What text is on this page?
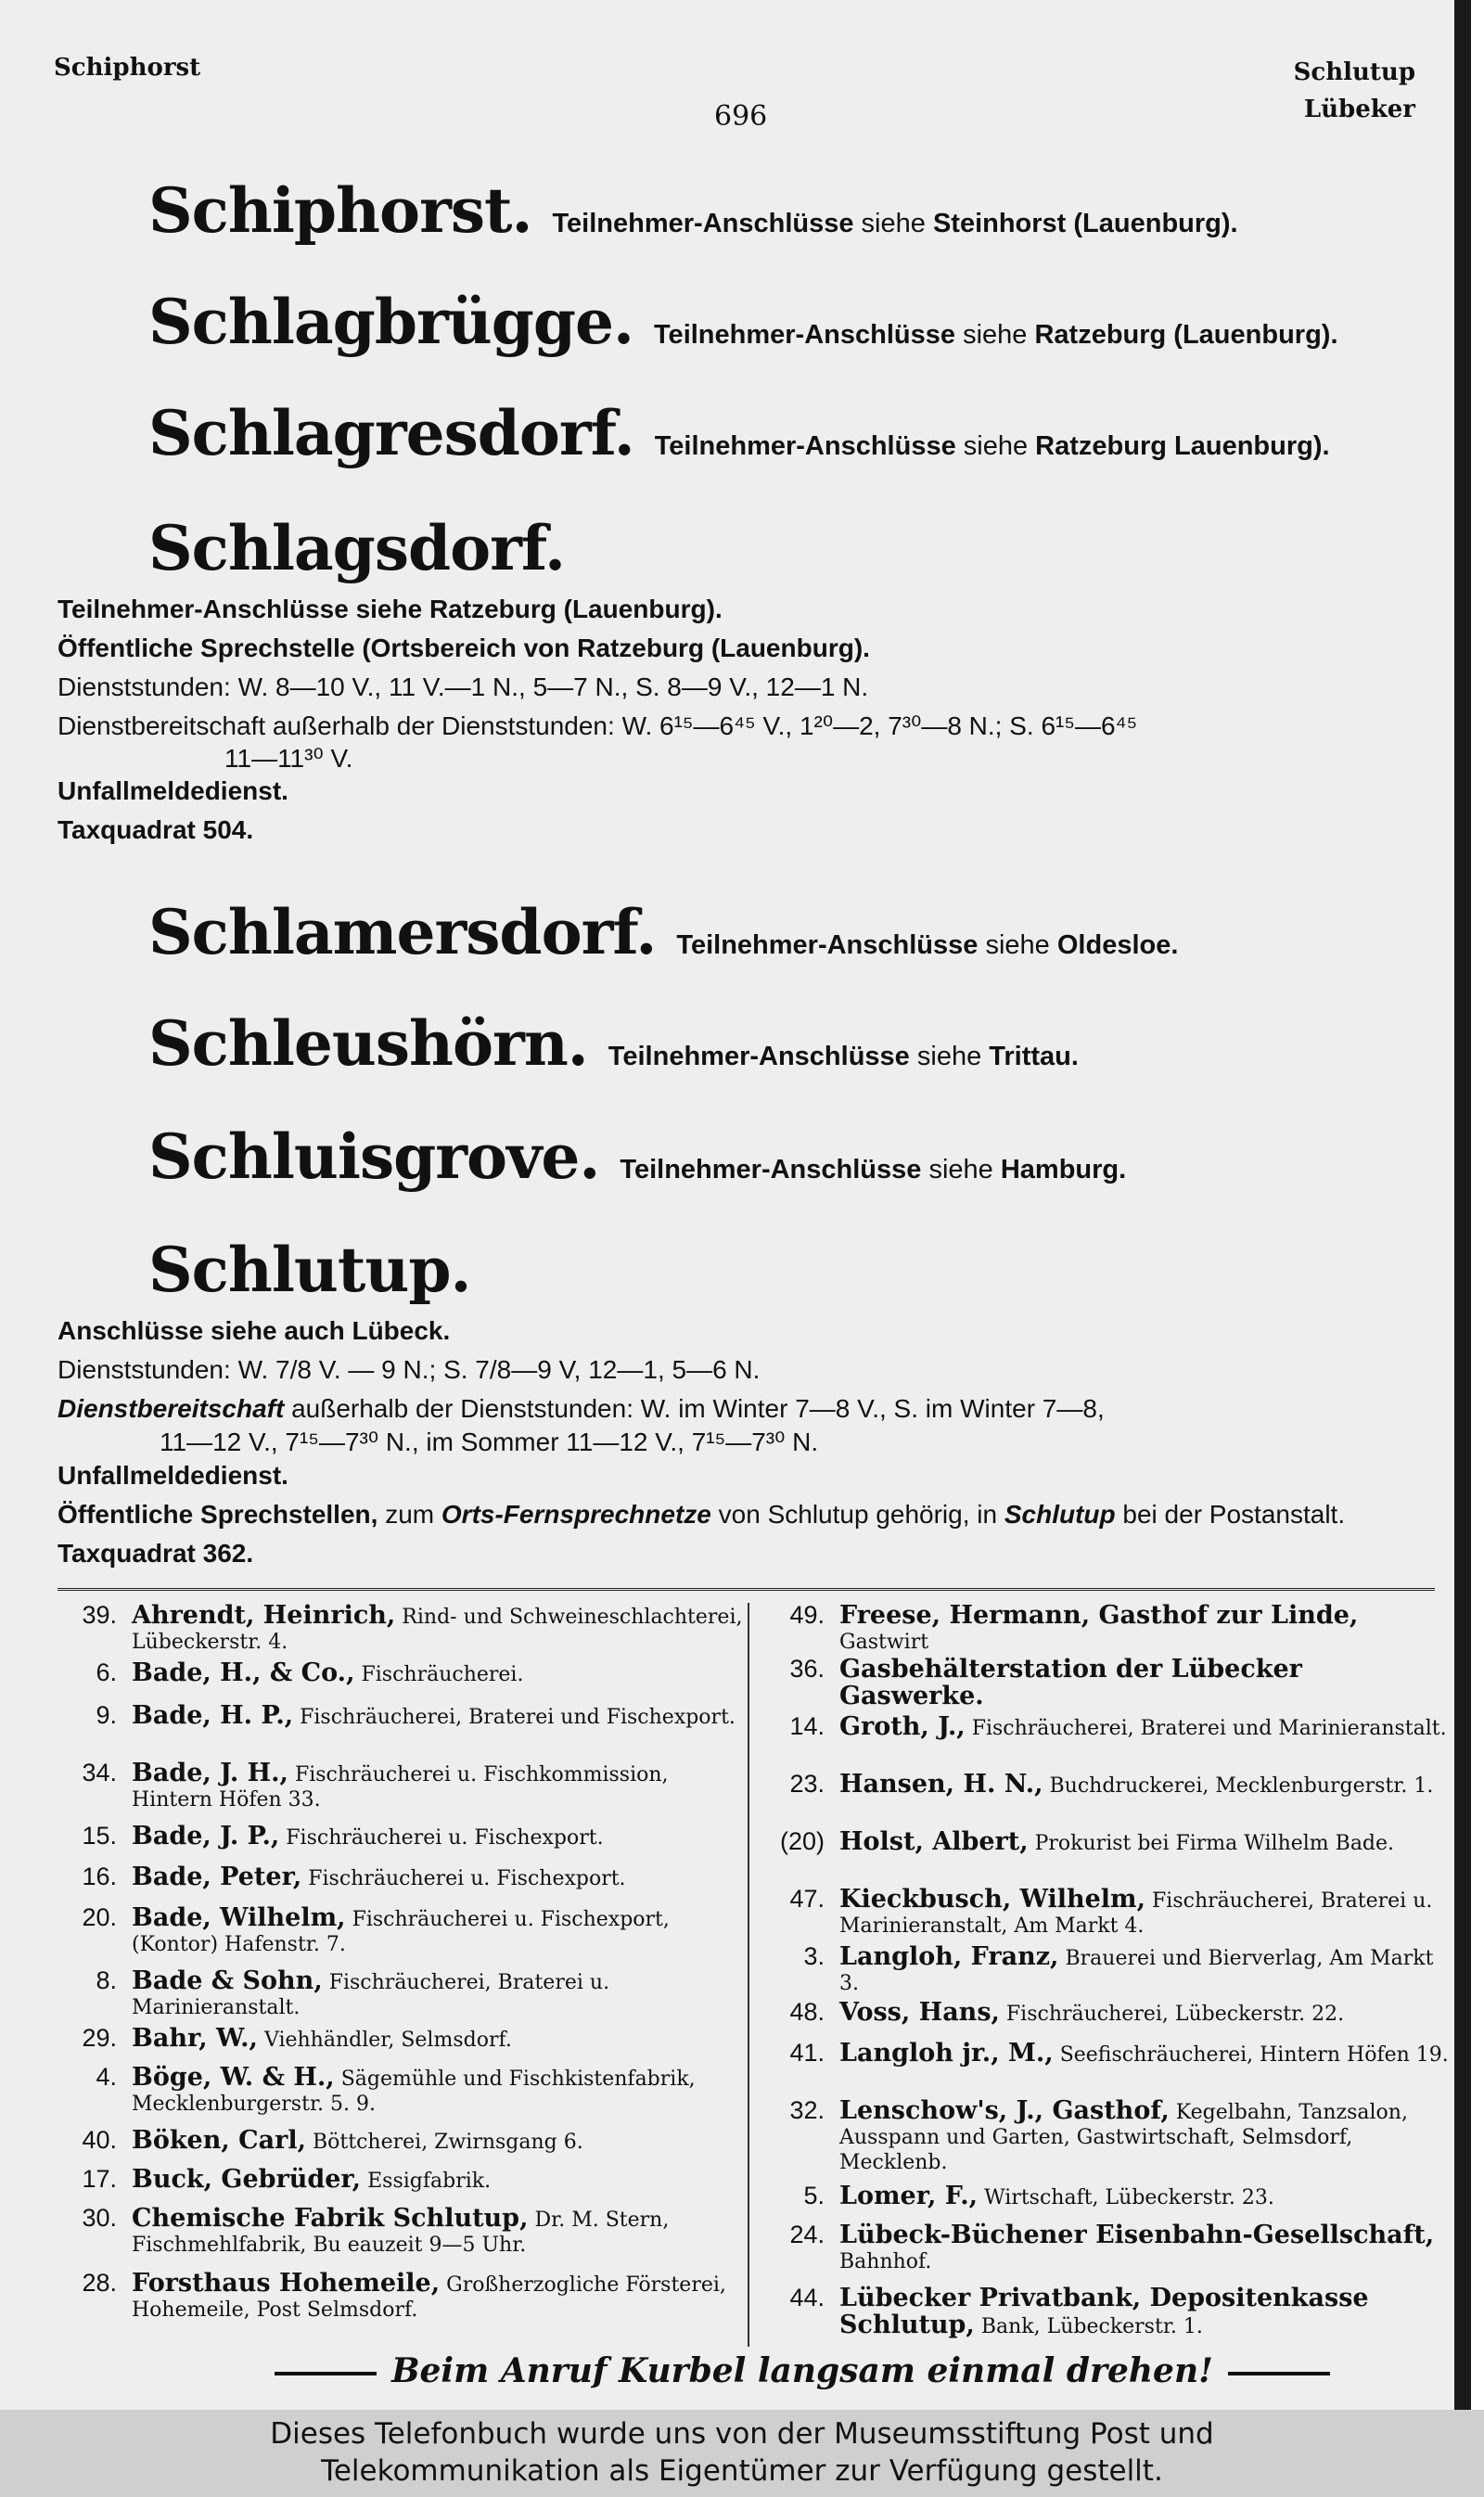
Schiphorst	Schlutup
Lübeker
696
Schiphorst. Teilnehmer-Anschlüsse siehe Steinhorst (Lauenburg).
Schlagbrügge. Teilnehmer-Anschlüsse siehe Ratzeburg (Lauenburg).
Schlagresdorf. Teilnehmer-Anschlüsse siehe Ratzeburg Lauenburg).
Schlagsdorf.

Teilnehmer-Anschlüsse siehe Ratzeburg (Lauenburg).

Öffentliche Sprechstelle (Ortsbereich von Ratzeburg (Lauenburg).

Dienststunden: W. 8—10 V., 11 V.—1 N., 5—7 N., S. 8—9 V., 12—1 N.

Dienstbereitschaft außerhalb der Dienststunden: W. 6¹⁵—6⁴⁵ V., 1²⁰—2, 7³⁰—8 N.; S. 6¹⁵—6⁴⁵

11—11³⁰ V.

Unfallmeldedienst.

Taxquadrat 504.

Schlamersdorf. Teilnehmer-Anschlüsse siehe Oldesloe.
Schleushörn. Teilnehmer-Anschlüsse siehe Trittau.
Schluisgrove. Teilnehmer-Anschlüsse siehe Hamburg.
Schlutup.

Anschlüsse siehe auch Lübeck.

Dienststunden: W. 7/8 V. — 9 N.; S. 7/8—9 V, 12—1, 5—6 N.

Dienstbereitschaft außerhalb der Dienststunden: W. im Winter 7—8 V., S. im Winter 7—8,

11—12 V., 7¹⁵—7³⁰ N., im Sommer 11—12 V., 7¹⁵—7³⁰ N.

Unfallmeldedienst.

Öffentliche Sprechstellen, zum Orts-Fernsprechnetze von Schlutup gehörig, in Schlutup bei der Postanstalt.

Taxquadrat 362.

39. Ahrendt, Heinrich, Rind- und Schweineschlachterei, Lübeckerstr. 4.
6. Bade, H., & Co., Fischräucherei.
9. Bade, H. P., Fischräucherei, Braterei und Fischexport.
34. Bade, J. H., Fischräucherei u. Fischkommission, Hintern Höfen 33.
15. Bade, J. P., Fischräucherei u. Fischexport.
16. Bade, Peter, Fischräucherei u. Fischexport.
20. Bade, Wilhelm, Fischräucherei u. Fischexport, (Kontor) Hafenstr. 7.
8. Bade & Sohn, Fischräucherei, Braterei u. Marinieranstalt.
29. Bahr, W., Viehhändler, Selmsdorf.
4. Böge, W. & H., Sägemühle und Fischkistenfabrik, Mecklenburgerstr. 5. 9.
40. Böken, Carl, Böttcherei, Zwirnsgang 6.
17. Buck, Gebrüder, Essigfabrik.
30. Chemische Fabrik Schlutup, Dr. M. Stern, Fischmehlfabrik, Bu eauzeit 9—5 Uhr.
28. Forsthaus Hohemeile, Großherzogliche Försterei, Hohemeile, Post Selmsdorf.
49. Freese, Hermann, Gasthof zur Linde, Gastwirt
36. Gasbehälterstation der Lübecker Gaswerke.
14. Groth, J., Fischräucherei, Braterei und Marinieranstalt.
23. Hansen, H. N., Buchdruckerei, Mecklenburgerstr. 1.
(20) Holst, Albert, Prokurist bei Firma Wilhelm Bade.
47. Kieckbusch, Wilhelm, Fischräucherei, Braterei u. Marinieranstalt, Am Markt 4.
3. Langloh, Franz, Brauerei und Bierverlag, Am Markt 3.
48. Voss, Hans, Fischräucherei, Lübeckerstr. 22.
41. Langloh jr., M., Seefischräucherei, Hintern Höfen 19.
32. Lenschow's, J., Gasthof, Kegelbahn, Tanzsalon, Ausspann und Garten, Gastwirtschaft, Selmsdorf, Mecklenb.
5. Lomer, F., Wirtschaft, Lübeckerstr. 23.
24. Lübeck-Büchener Eisenbahn-Gesellschaft, Bahnhof.
44. Lübecker Privatbank, Depositenkasse Schlutup, Bank, Lübeckerstr. 1.
Beim Anruf Kurbel langsam einmal drehen!
Dieses Telefonbuch wurde uns von der Museumsstiftung Post und
Telekommunikation als Eigentümer zur Verfügung gestellt.
